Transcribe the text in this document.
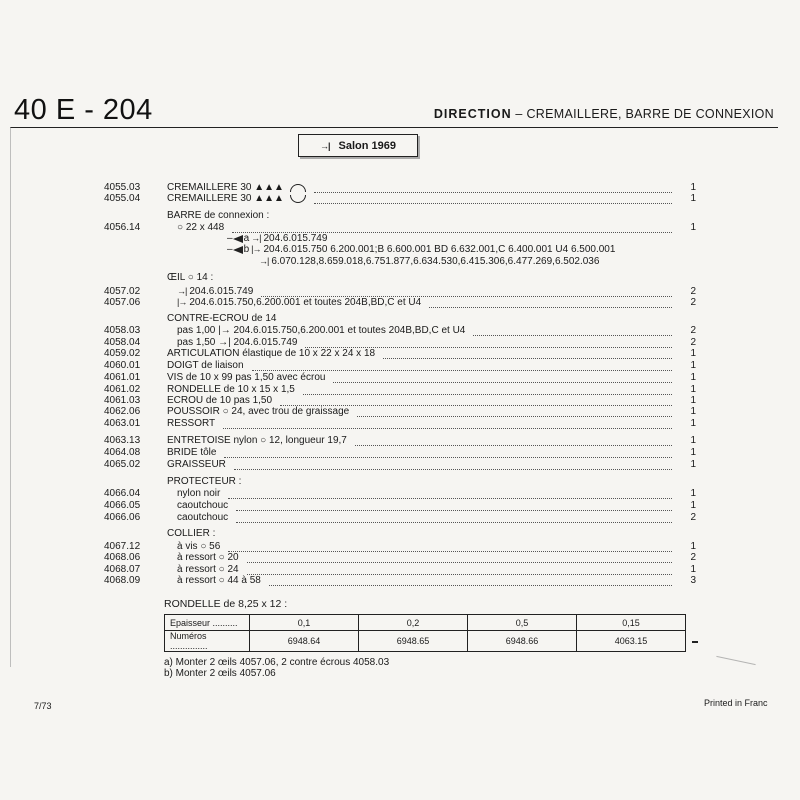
40 E - 204	DIRECTION – CREMAILLERE, BARRE DE CONNEXION
→| Salon 1969
4055.03	CREMAILLERE 30 ▲▲▲	1
4055.04	CREMAILLERE 30 ▲▲▲	1
BARRE de connexion :
4056.14	○ 22 x 448	1
– a →| 204.6.015.749
– b |→ 204.6.015.750 6.200.001;B 6.600.001 BD 6.632.001,C 6.400.001 U4 6.500.001
→| 6.070.128,8.659.018,6.751.877,6.634.530,6.415.306,6.477.269,6.502.036
ŒIL ○ 14 :
4057.02	→| 204.6.015.749	2
4057.06	|→ 204.6.015.750,6.200.001 et toutes 204B,BD,C et U4	2
CONTRE-ECROU de 14
4058.03	pas 1,00 |→ 204.6.015.750,6.200.001 et toutes 204B,BD,C et U4	2
4058.04	pas 1,50 →| 204.6.015.749	2
4059.02	ARTICULATION élastique de 10 x 22 x 24 x 18	1
4060.01	DOIGT de liaison	1
4061.01	VIS de 10 x 99 pas 1,50 avec écrou	1
4061.02	RONDELLE de 10 x 15 x 1,5	1
4061.03	ECROU de 10 pas 1,50	1
4062.06	POUSSOIR ○ 24, avec trou de graissage	1
4063.01	RESSORT	1
4063.13	ENTRETOISE nylon ○ 12, longueur 19,7	1
4064.08	BRIDE tôle	1
4065.02	GRAISSEUR	1
PROTECTEUR :
4066.04	nylon noir	1
4066.05	caoutchouc	1
4066.06	caoutchouc	2
COLLIER :
4067.12	à vis ○ 56	1
4068.06	à ressort ○ 20	2
4068.07	à ressort ○ 24	1
4068.09	à ressort ○ 44 à 58	3
RONDELLE de 8,25 x 12 :
Epaisseur ..........	0,1	0,2	0,5	0,15
Numéros ...............	6948.64	6948.65	6948.66	4063.15
a) Monter 2 œils 4057.06, 2 contre écrous 4058.03
b) Monter 2 œils 4057.06
7/73	Printed in Franc
